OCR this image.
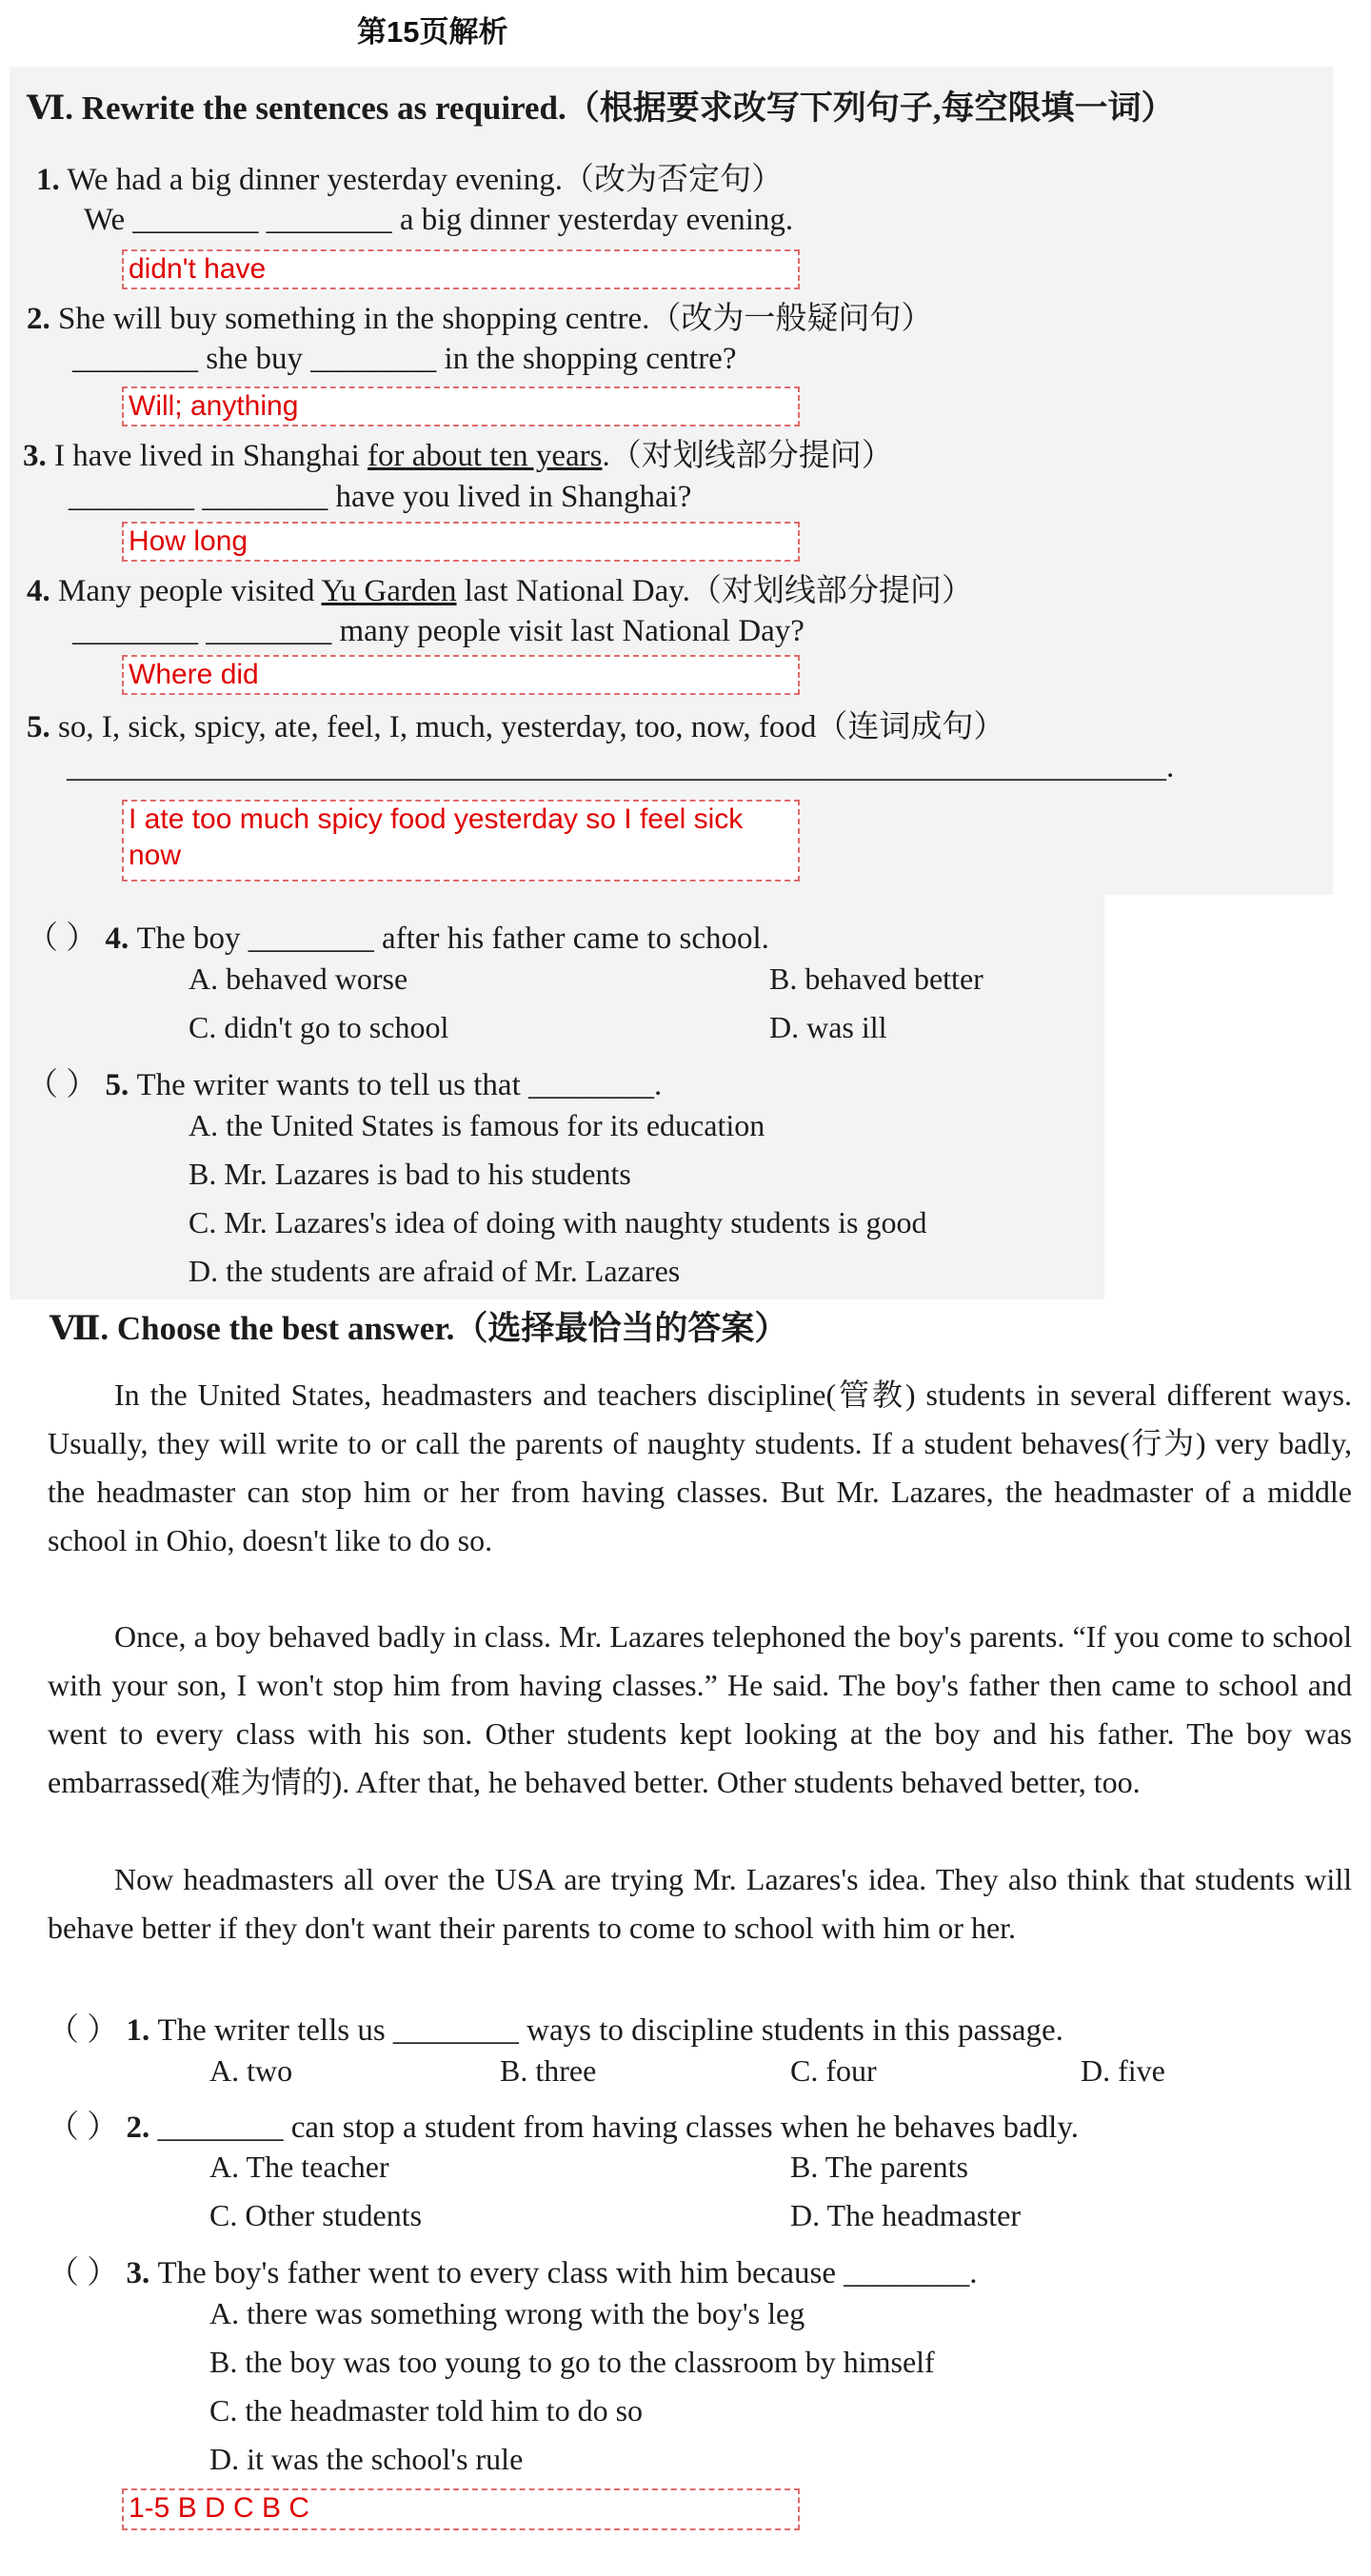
第15页解析
Ⅵ. Rewrite the sentences as required.（根据要求改写下列句子,每空限填一词）
1. We had a big dinner yesterday evening.（改为否定句）
We ________ ________ a big dinner yesterday evening.
didn't have
2. She will buy something in the shopping centre.（改为一般疑问句）
________ she buy ________ in the shopping centre?
Will; anything
3. I have lived in Shanghai for about ten years.（对划线部分提问）
________ ________ have you lived in Shanghai?
How long
4. Many people visited Yu Garden last National Day.（对划线部分提问）
________ ________ many people visit last National Day?
Where did
5. so, I, sick, spicy, ate, feel, I, much, yesterday, too, now, food（连词成句）
______________________________________________________________________.
I ate too much spicy food yesterday so I feel sick now
（ ） 4. The boy ________ after his father came to school.
A. behaved worse	B. behaved better
C. didn't go to school	D. was ill
（ ） 5. The writer wants to tell us that ________.
A. the United States is famous for its education
B. Mr. Lazares is bad to his students
C. Mr. Lazares's idea of doing with naughty students is good
D. the students are afraid of Mr. Lazares
Ⅶ. Choose the best answer.（选择最恰当的答案）

In the United States, headmasters and teachers discipline(管教) students in several different ways. Usually, they will write to or call the parents of naughty students. If a student behaves(行为) very badly, the headmaster can stop him or her from having classes. But Mr. Lazares, the headmaster of a middle school in Ohio, doesn't like to do so.

Once, a boy behaved badly in class. Mr. Lazares telephoned the boy's parents. “If you come to school with your son, I won't stop him from having classes.” He said. The boy's father then came to school and went to every class with his son. Other students kept looking at the boy and his father. The boy was embarrassed(难为情的). After that, he behaved better. Other students behaved better, too.

Now headmasters all over the USA are trying Mr. Lazares's idea. They also think that students will behave better if they don't want their parents to come to school with him or her.

（ ） 1. The writer tells us ________ ways to discipline students in this passage.
A. two	B. three	C. four	D. five
（ ） 2. ________ can stop a student from having classes when he behaves badly.
A. The teacher	B. The parents
C. Other students	D. The headmaster
（ ） 3. The boy's father went to every class with him because ________.
A. there was something wrong with the boy's leg
B. the boy was too young to go to the classroom by himself
C. the headmaster told him to do so
D. it was the school's rule
1-5 B D C B C
